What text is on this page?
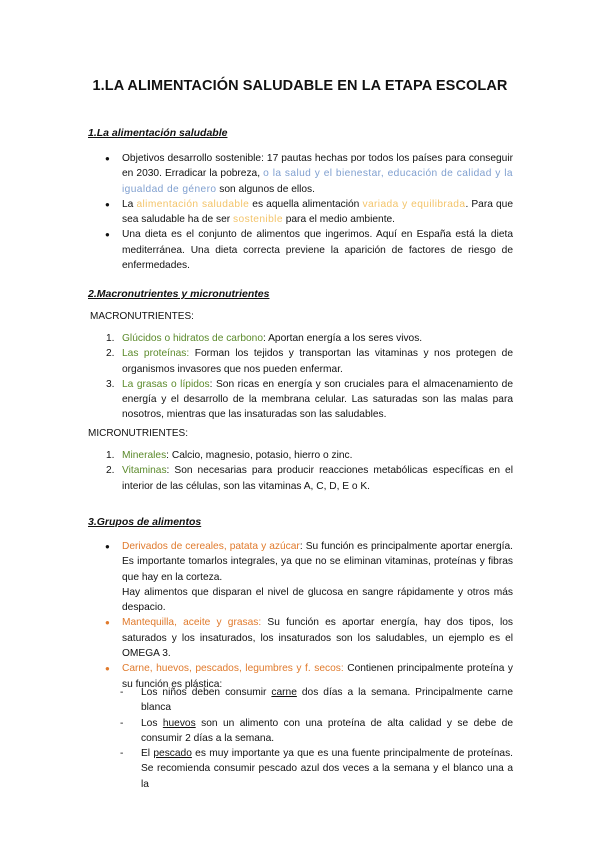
1.LA ALIMENTACIÓN SALUDABLE EN LA ETAPA ESCOLAR
1.La alimentación saludable
● Objetivos desarrollo sostenible: 17 pautas hechas por todos los países para conseguir en 2030. Erradicar la pobreza, o la salud y el bienestar, educación de calidad y la igualdad de género son algunos de ellos.
● La alimentación saludable es aquella alimentación variada y equilibrada. Para que sea saludable ha de ser sostenible para el medio ambiente.
● Una dieta es el conjunto de alimentos que ingerimos. Aquí en España está la dieta mediterránea. Una dieta correcta previene la aparición de factores de riesgo de enfermedades.
2.Macronutrientes y micronutrientes
MACRONUTRIENTES:
1. Glúcidos o hidratos de carbono: Aportan energía a los seres vivos.
2. Las proteínas: Forman los tejidos y transportan las vitaminas y nos protegen de organismos invasores que nos pueden enfermar.
3. La grasas o lípidos: Son ricas en energía y son cruciales para el almacenamiento de energía y el desarrollo de la membrana celular. Las saturadas son las malas para nosotros, mientras que las insaturadas son las saludables.
MICRONUTRIENTES:
1. Minerales: Calcio, magnesio, potasio, hierro o zinc.
2. Vitaminas: Son necesarias para producir reacciones metabólicas específicas en el interior de las células, son las vitaminas A, C, D, E o K.
3.Grupos de alimentos
● Derivados de cereales, patata y azúcar: Su función es principalmente aportar energía. Es importante tomarlos integrales, ya que no se eliminan vitaminas, proteínas y fibras que hay en la corteza.
Hay alimentos que disparan el nivel de glucosa en sangre rápidamente y otros más despacio.
● Mantequilla, aceite y grasas: Su función es aportar energía, hay dos tipos, los saturados y los insaturados, los insaturados son los saludables, un ejemplo es el OMEGA 3.
● Carne, huevos, pescados, legumbres y f. secos: Contienen principalmente proteína y su función es plástica:
- Los niños deben consumir carne dos días a la semana. Principalmente carne blanca
- Los huevos son un alimento con una proteína de alta calidad y se debe de consumir 2 días a la semana.
- El pescado es muy importante ya que es una fuente principalmente de proteínas. Se recomienda consumir pescado azul dos veces a la semana y el blanco una a la
